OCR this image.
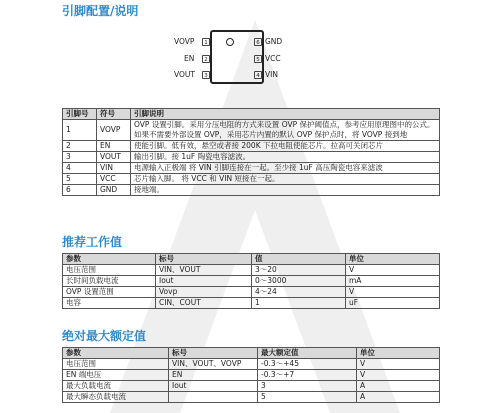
引脚配置/说明
VOVP	1
EN	2
VOUT	3
6 GND
5 VCC
4 VIN
引脚号	符号	引脚说明
1	VOVP	OVP 设置引脚。采用分压电阻的方式来设置 OVP 保护阈值点，参考应用原理图中的公式。如果不需要外部设置 OVP，采用芯片内置的默认 OVP 保护点时，将 VOVP 接到地
2	EN	使能引脚。低有效，悬空或者接 200K 下拉电阻使能芯片。拉高可关闭芯片
3	VOUT	输出引脚。接 1uF 陶瓷电容滤波。
4	VIN	电源输入正极端 将 VIN 引脚连接在一起。至少接 1uF 高压陶瓷电容来滤波
5	VCC	芯片输入脚。 将 VCC 和 VIN 短接在一起。
6	GND	接地端。
推荐工作值
参数	标号	值	单位
电压范围	VIN、VOUT	3～20	V
长时间负载电流	Iout	0～3000	mA
OVP 设置范围	Vovp	4～24	V
电容	CIN、COUT	1	uF
绝对最大额定值
参数	标号	最大额定值	单位
电压范围	VIN、VOUT、VOVP	-0.3～+45	V
EN 端电压	EN	-0.3～+7	V
最大负载电流	Iout	3	A
最大瞬态负载电流		5	A
